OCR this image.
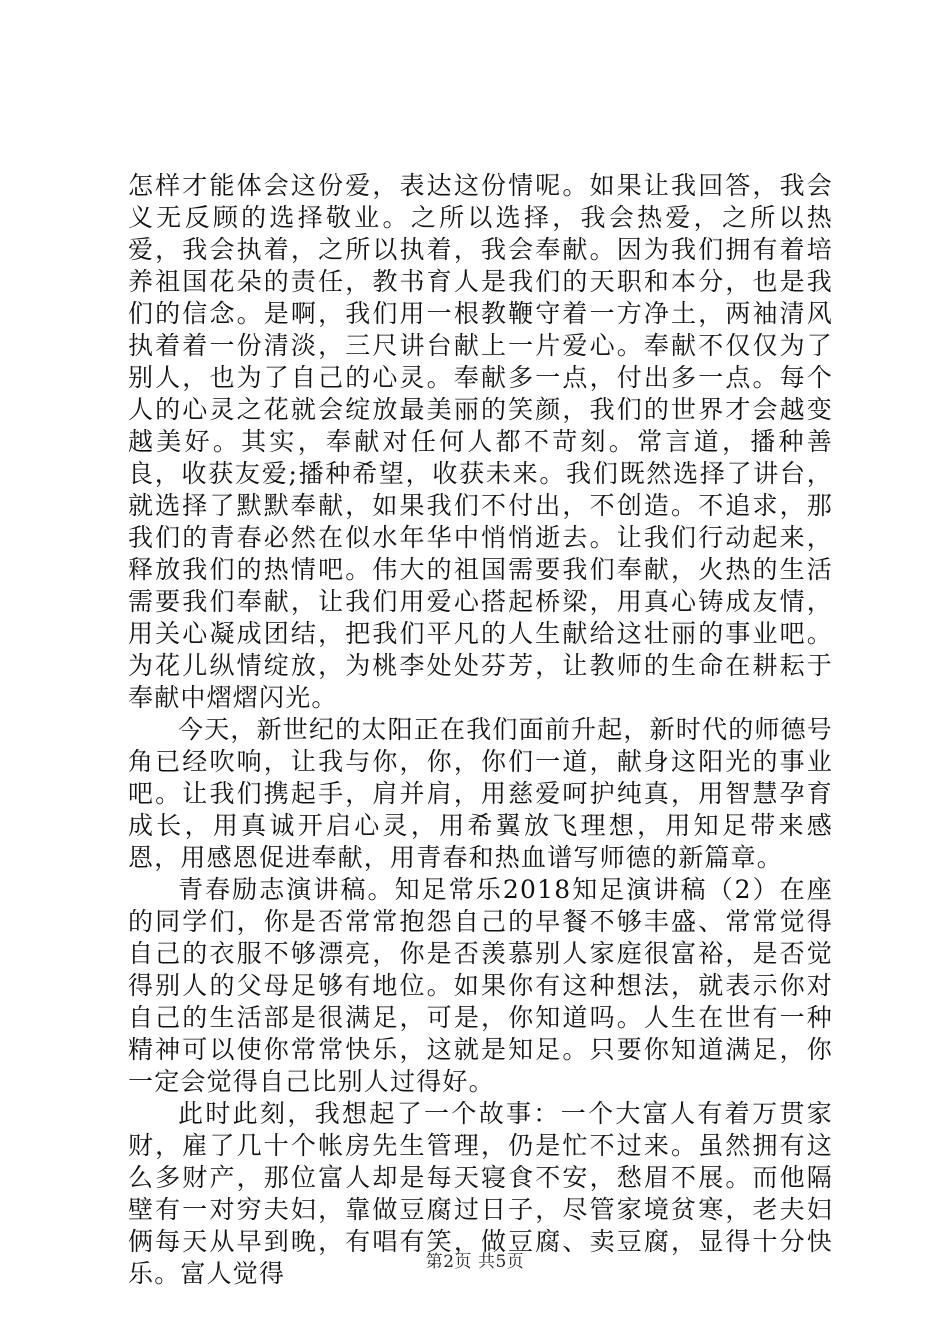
怎样才能体会这份爱，表达这份情呢。如果让我回答，我会义无反顾的选择敬业。之所以选择，我会热爱，之所以热爱，我会执着，之所以执着，我会奉献。因为我们拥有着培养祖国花朵的责任，教书育人是我们的天职和本分，也是我们的信念。是啊，我们用一根教鞭守着一方净土，两袖清风执着着一份清淡，三尺讲台献上一片爱心。奉献不仅仅为了别人，也为了自己的心灵。奉献多一点，付出多一点。每个人的心灵之花就会绽放最美丽的笑颜，我们的世界才会越变越美好。其实，奉献对任何人都不苛刻。常言道，播种善良，收获友爱;播种希望，收获未来。我们既然选择了讲台，就选择了默默奉献，如果我们不付出，不创造。不追求，那我们的青春必然在似水年华中悄悄逝去。让我们行动起来，释放我们的热情吧。伟大的祖国需要我们奉献，火热的生活需要我们奉献，让我们用爱心搭起桥梁，用真心铸成友情，用关心凝成团结，把我们平凡的人生献给这壮丽的事业吧。为花儿纵情绽放，为桃李处处芬芳，让教师的生命在耕耘于奉献中熠熠闪光。

今天，新世纪的太阳正在我们面前升起，新时代的师德号角已经吹响，让我与你，你，你们一道，献身这阳光的事业吧。让我们携起手，肩并肩，用慈爱呵护纯真，用智慧孕育成长，用真诚开启心灵，用希翼放飞理想，用知足带来感恩，用感恩促进奉献，用青春和热血谱写师德的新篇章。

青春励志演讲稿。知足常乐2018知足演讲稿（2）在座的同学们，你是否常常抱怨自己的早餐不够丰盛、常常觉得自己的衣服不够漂亮，你是否羡慕别人家庭很富裕，是否觉得别人的父母足够有地位。如果你有这种想法，就表示你对自己的生活部是很满足，可是，你知道吗。人生在世有一种精神可以使你常常快乐，这就是知足。只要你知道满足，你一定会觉得自己比别人过得好。

此时此刻，我想起了一个故事：一个大富人有着万贯家财，雇了几十个帐房先生管理，仍是忙不过来。虽然拥有这么多财产，那位富人却是每天寝食不安，愁眉不展。而他隔壁有一对穷夫妇，靠做豆腐过日子，尽管家境贫寒，老夫妇俩每天从早到晚，有唱有笑，做豆腐、卖豆腐，显得十分快乐。富人觉得	第2页 共5页
